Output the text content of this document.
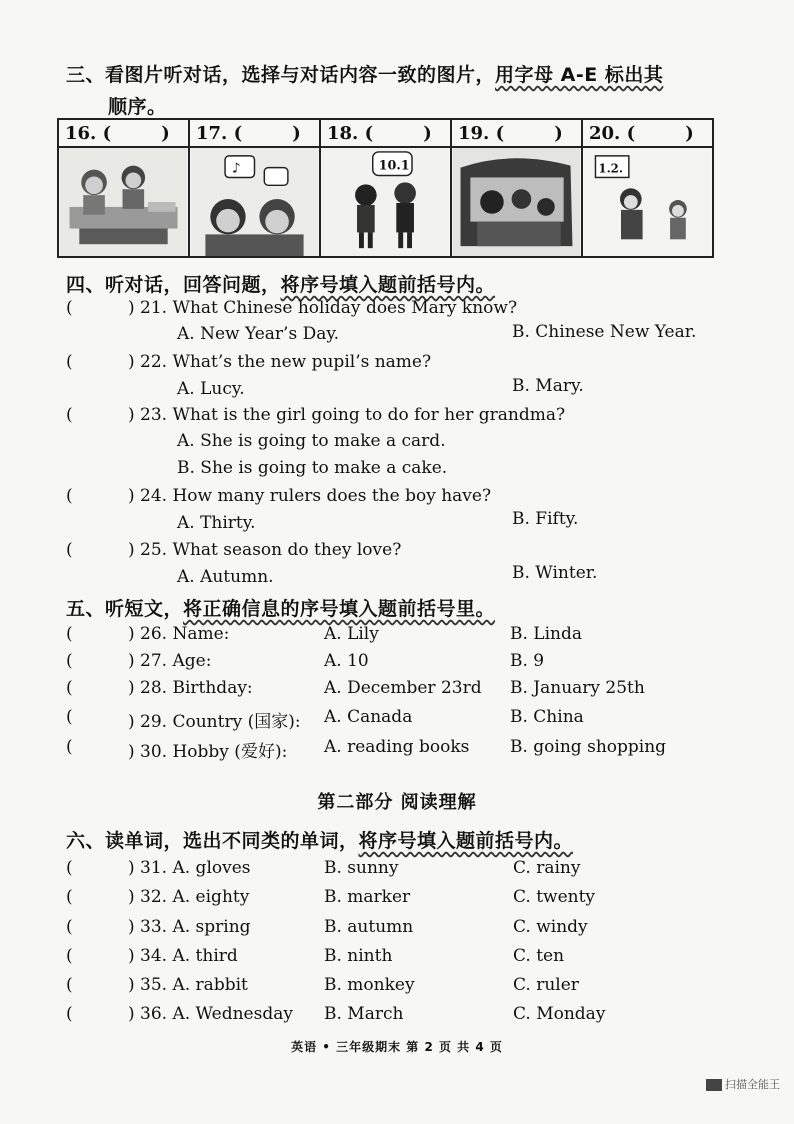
三、看图片听对话，选择与对话内容一致的图片，用字母 A-E 标出其
顺序。
16. (        )	17. (        )
♪
18. (        )
10.1
19. (        )	20. (        )
1.2.
四、听对话，回答问题，将序号填入题前括号内。
(	) 21. What Chinese holiday does Mary know?
A. New Year’s Day.	B. Chinese New Year.
(	) 22. What’s the new pupil’s name?
A. Lucy.	B. Mary.
(	) 23. What is the girl going to do for her grandma?
A. She is going to make a card.
B. She is going to make a cake.
(	) 24. How many rulers does the boy have?
A. Thirty.	B. Fifty.
(	) 25. What season do they love?
A. Autumn.	B. Winter.
五、听短文，将正确信息的序号填入题前括号里。
(	) 26. Name:	A. Lily	B. Linda
(	) 27. Age:	A. 10	B. 9
(	) 28. Birthday:	A. December 23rd B. January 25th
(	) 29. Country (国家): A. Canada	B. China
(	) 30. Hobby (爱好): A. reading books B. going shopping
第二部分 阅读理解
六、读单词，选出不同类的单词，将序号填入题前括号内。
(	) 31. A. gloves	B. sunny	C. rainy
(	) 32. A. eighty	B. marker	C. twenty
(	) 33. A. spring	B. autumn	C. windy
(	) 34. A. third	B. ninth	C. ten
(	) 35. A. rabbit	B. monkey	C. ruler
(	) 36. A. Wednesday B. March	C. Monday
英语 • 三年级期末 第 2 页 共 4 页
扫描全能王
